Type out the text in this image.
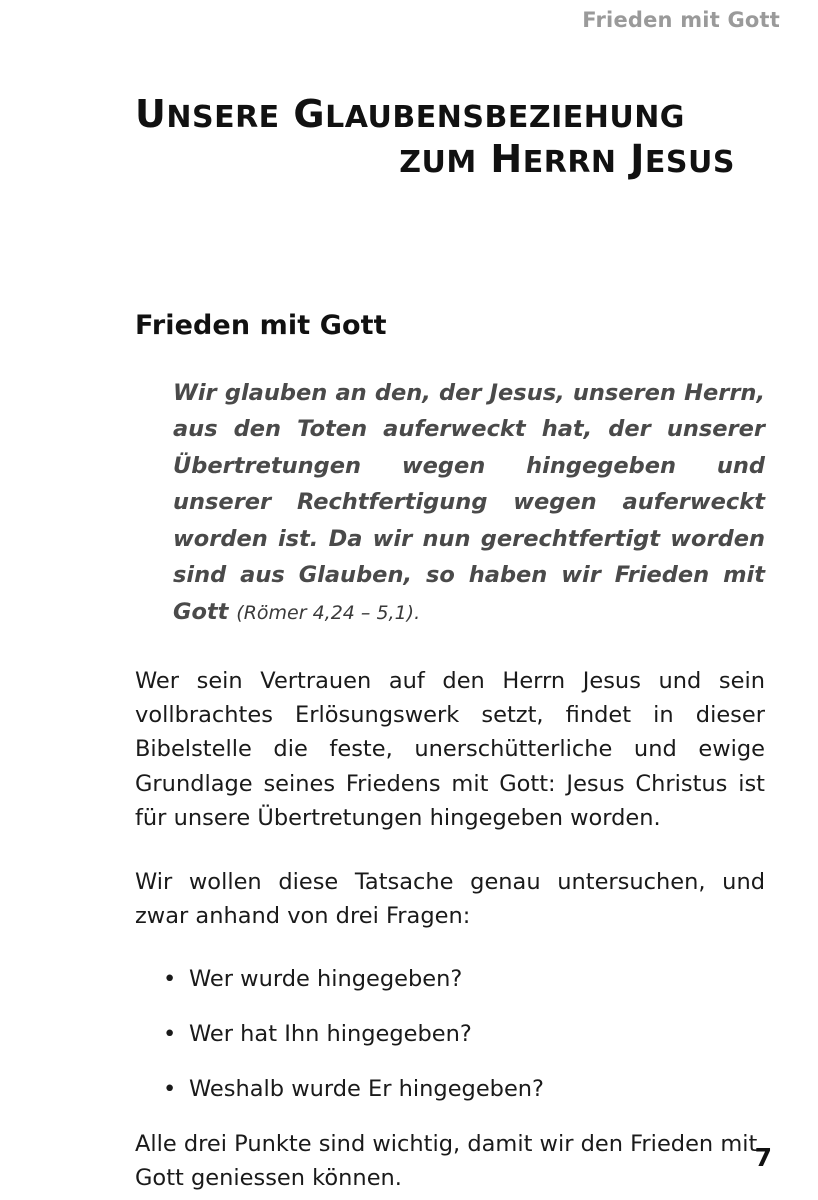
Frieden mit Gott
UNSERE GLAUBENSBEZIEHUNG
ZUM HERRN JESUS
Frieden mit Gott
Wir glauben an den, der Jesus, unseren Herrn, aus den Toten auferweckt hat, der unserer Übertretungen wegen hingegeben und unserer Rechtfertigung wegen auferweckt worden ist. Da wir nun gerechtfertigt worden sind aus Glauben, so haben wir Frieden mit Gott (Römer 4,24 – 5,1).

Wer sein Vertrauen auf den Herrn Jesus und sein vollbrachtes Erlösungswerk setzt, findet in dieser Bibelstelle die feste, unerschütterliche und ewige Grundlage seines Friedens mit Gott: Jesus Christus ist für unsere Übertretungen hingegeben worden.

Wir wollen diese Tatsache genau untersuchen, und zwar anhand von drei Fragen:

• Wer wurde hingegeben?
• Wer hat Ihn hingegeben?
• Weshalb wurde Er hingegeben?

Alle drei Punkte sind wichtig, damit wir den Frieden mit Gott geniessen können.

7
